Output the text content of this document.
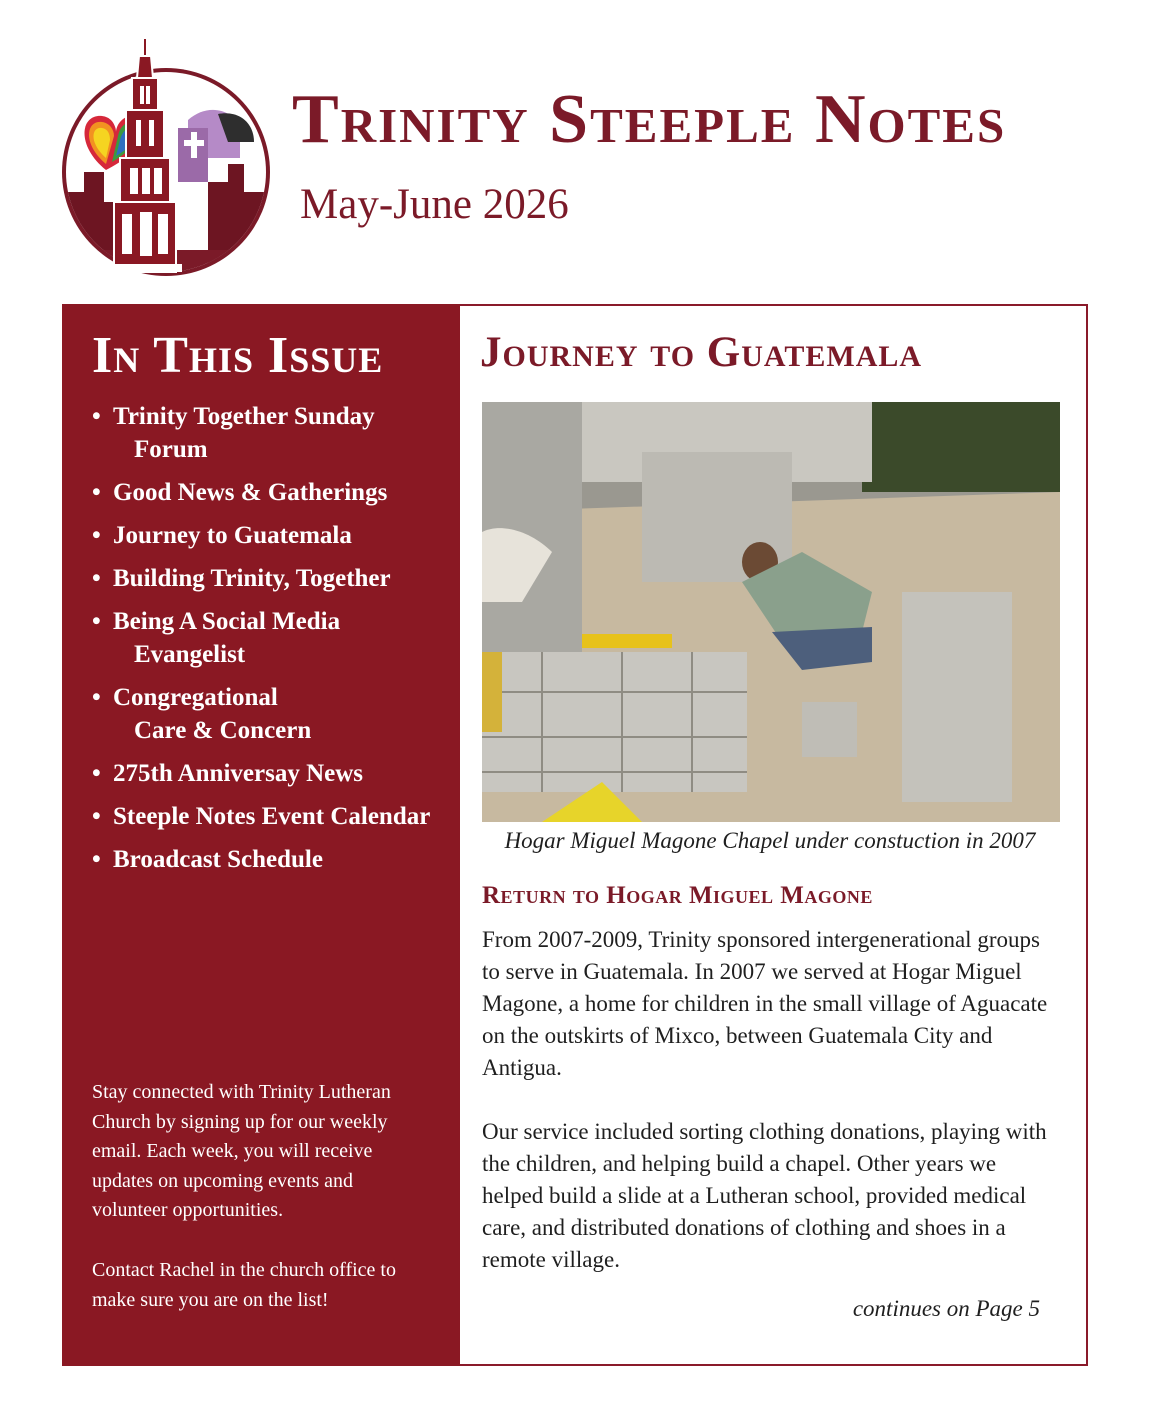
Trinity Steeple Notes
May-June 2026
In This Issue
• Trinity Together Sunday
Forum
• Good News & Gatherings
• Journey to Guatemala
• Building Trinity, Together
• Being A Social Media
Evangelist
• Congregational
Care & Concern
• 275th Anniversay News
• Steeple Notes Event Calendar
• Broadcast Schedule

Stay connected with Trinity Lutheran Church by signing up for our weekly email. Each week, you will receive updates on upcoming events and volunteer opportunities.

Contact Rachel in the church office to make sure you are on the list!

Journey to Guatemala
Hogar Miguel Magone Chapel under constuction in 2007
Return to Hogar Miguel Magone

From 2007-2009, Trinity sponsored intergenerational groups to serve in Guatemala. In 2007 we served at Hogar Miguel Magone, a home for children in the small village of Aguacate on the outskirts of Mixco, between Guatemala City and Antigua.

Our service included sorting clothing donations, playing with the children, and helping build a chapel. Other years we helped build a slide at a Lutheran school, provided medical care, and distributed donations of clothing and shoes in a remote village.

continues on Page 5
